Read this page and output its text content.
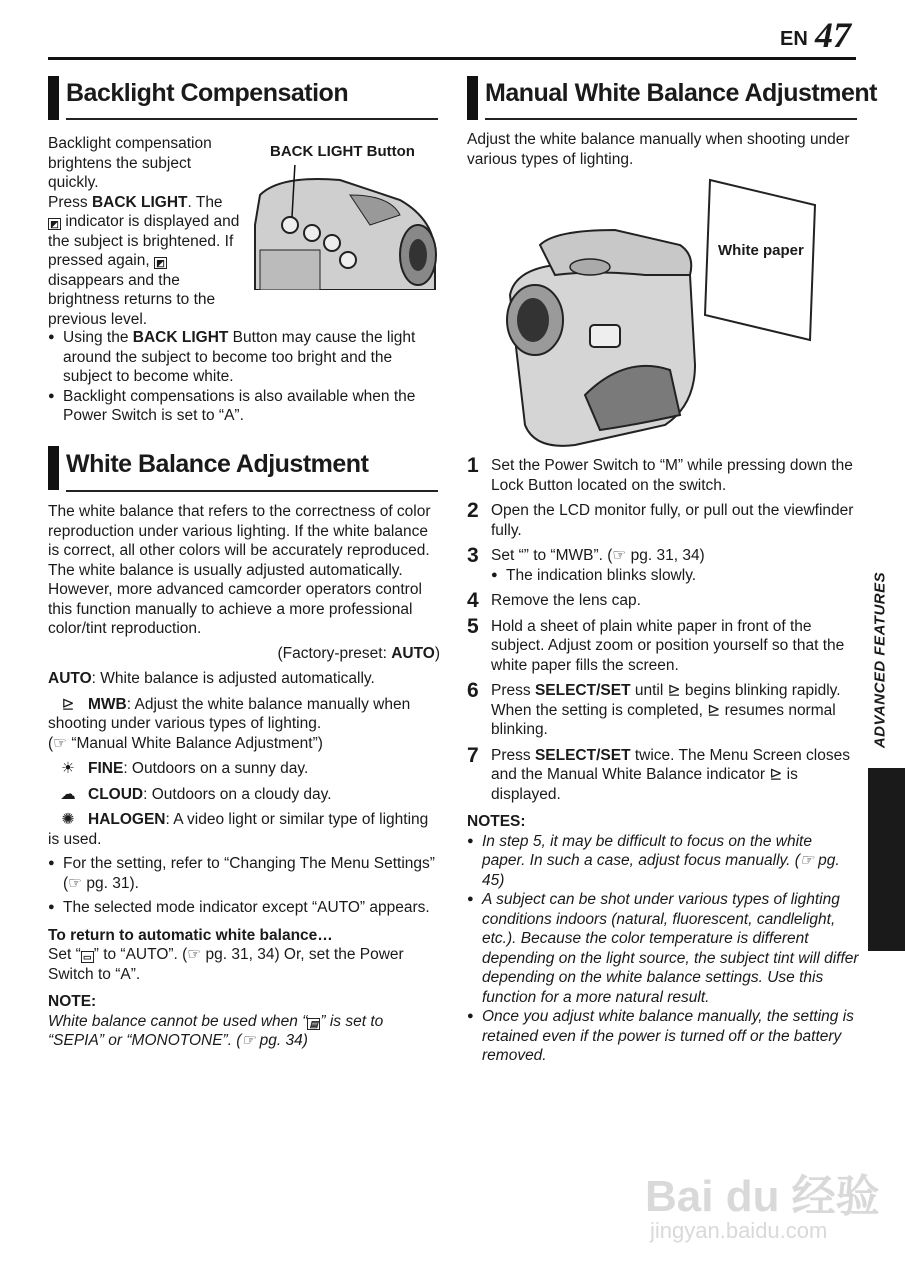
EN 47
Backlight Compensation
BACK LIGHT Button

Backlight compensation brightens the subject quickly.

Press BACK LIGHT. The
◩ indicator is displayed and the subject is brightened. If pressed again, ◩ disappears and the brightness returns to the previous level.

● Using the BACK LIGHT Button may cause the light around the subject to become too bright and the subject to become white.

● Backlight compensations is also available when the Power Switch is set to “A”.

White Balance Adjustment

The white balance that refers to the correctness of color reproduction under various lighting. If the white balance is correct, all other colors will be accurately reproduced.

The white balance is usually adjusted automatically. However, more advanced camcorder operators control this function manually to achieve a more professional color/tint reproduction.

(Factory-preset: AUTO)

AUTO: White balance is adjusted automatically.

⊵ MWB: Adjust the white balance manually when shooting under various types of lighting.

(☞ “Manual White Balance Adjustment”)

☀ FINE: Outdoors on a sunny day.

☁ CLOUD: Outdoors on a cloudy day.

✺ HALOGEN: A video light or similar type of lighting is used.

● For the setting, refer to “Changing The Menu Settings” (☞ pg. 31).

● The selected mode indicator except “AUTO” appears.

To return to automatic white balance…

Set “ ▭ ” to “AUTO”. (☞ pg. 31, 34) Or, set the Power Switch to “A”.

NOTE:

White balance cannot be used when “ ▤ ” is set to “SEPIA” or “MONOTONE”. (☞ pg. 34)

Manual White Balance Adjustment
Adjust the white balance manually when shooting under various types of lighting.
White paper

1 Set the Power Switch to “M” while pressing down the Lock Button located on the switch.

2 Open the LCD monitor fully, or pull out the viewfinder fully.

3 Set “” to “MWB”. (☞ pg. 31, 34)

● The indication blinks slowly.

4 Remove the lens cap.

5 Hold a sheet of plain white paper in front of the subject. Adjust zoom or position yourself so that the white paper fills the screen.

6 Press SELECT/SET until ⊵ begins blinking rapidly.
When the setting is completed, ⊵ resumes normal blinking.

7 Press SELECT/SET twice. The Menu Screen closes and the Manual White Balance indicator ⊵ is displayed.

NOTES:

● In step 5, it may be difficult to focus on the white paper. In such a case, adjust focus manually. (☞ pg. 45)

● A subject can be shot under various types of lighting conditions indoors (natural, fluorescent, candlelight, etc.). Because the color temperature is different depending on the light source, the subject tint will differ depending on the white balance settings. Use this function for a more natural result.

● Once you adjust white balance manually, the setting is retained even if the power is turned off or the battery removed.

ADVANCED FEATURES
Bai du 经验
jingyan.baidu.com
